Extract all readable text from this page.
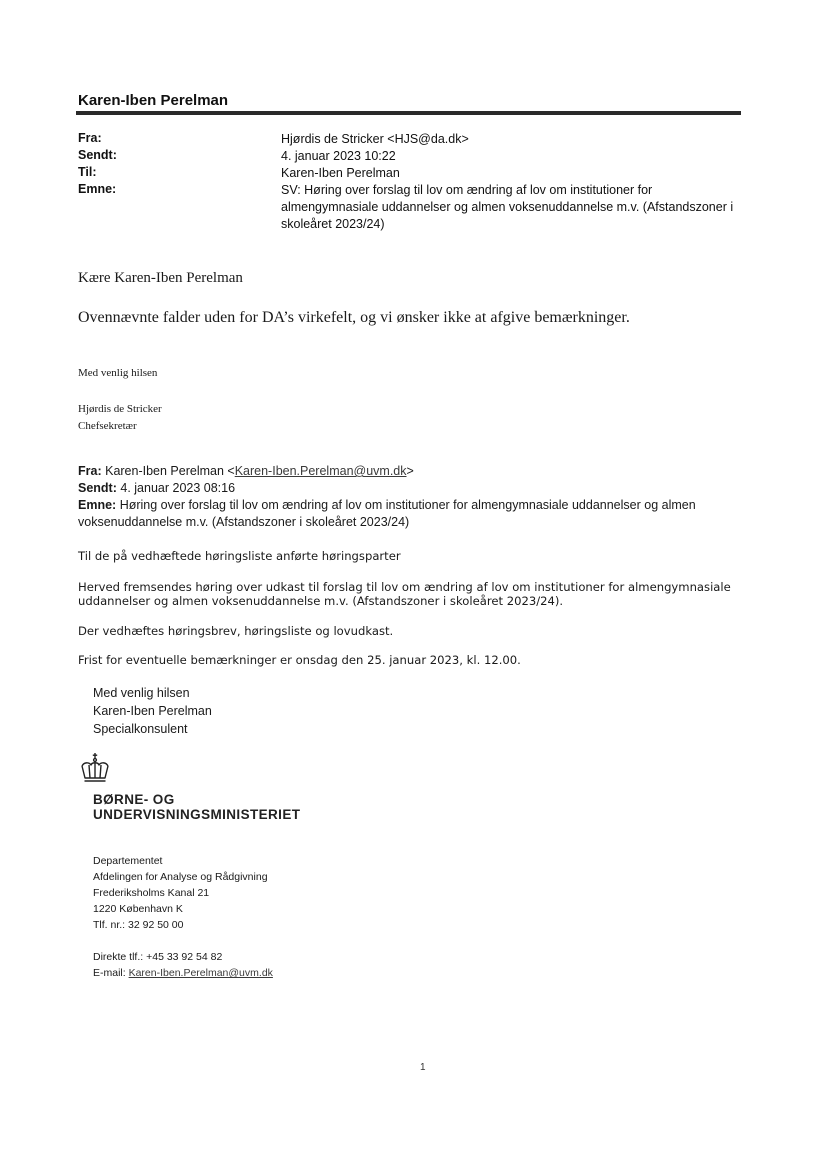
Karen-Iben Perelman
Fra:	Hjørdis de Stricker <HJS@da.dk>
Sendt:	4. januar 2023 10:22
Til:	Karen-Iben Perelman
Emne:	SV: Høring over forslag til lov om ændring af lov om institutioner for almengymnasiale uddannelser og almen voksenuddannelse m.v. (Afstandszoner i skoleåret 2023/24)
Kære Karen-Iben Perelman
Ovennævnte falder uden for DA’s virkefelt, og vi ønsker ikke at afgive bemærkninger.
Med venlig hilsen
Hjørdis de Stricker
Chefsekretær
Fra: Karen-Iben Perelman <Karen-Iben.Perelman@uvm.dk>
Sendt: 4. januar 2023 08:16
Emne: Høring over forslag til lov om ændring af lov om institutioner for almengymnasiale uddannelser og almen voksenuddannelse m.v. (Afstandszoner i skoleåret 2023/24)
Til de på vedhæftede høringsliste anførte høringsparter
Herved fremsendes høring over udkast til forslag til lov om ændring af lov om institutioner for almengymnasiale uddannelser og almen voksenuddannelse m.v. (Afstandszoner i skoleåret 2023/24).
Der vedhæftes høringsbrev, høringsliste og lovudkast.
Frist for eventuelle bemærkninger er onsdag den 25. januar 2023, kl. 12.00.
Med venlig hilsen
Karen-Iben Perelman
Specialkonsulent
BØRNE- OG
UNDERVISNINGSMINISTERIET
Departementet
Afdelingen for Analyse og Rådgivning
Frederiksholms Kanal 21
1220 København K
Tlf. nr.: 32 92 50 00
Direkte tlf.: +45 33 92 54 82
E-mail: Karen-Iben.Perelman@uvm.dk
1
